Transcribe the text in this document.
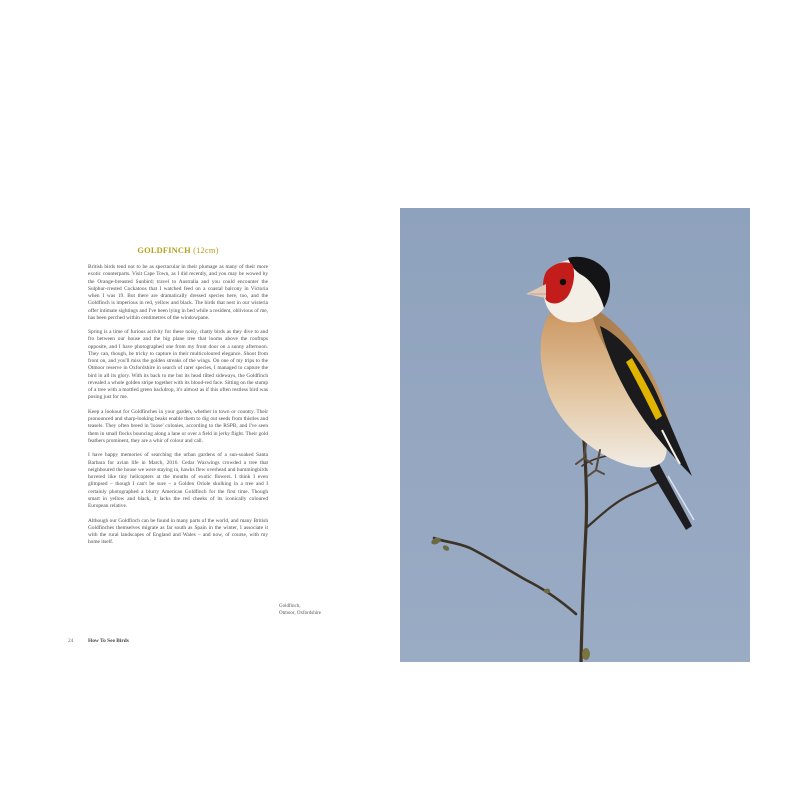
GOLDFINCH (12cm)

British birds tend not to be as spectacular in their plumage as many of their more exotic counterparts. Visit Cape Town, as I did recently, and you may be wowed by the Orange-breasted Sunbird; travel to Australia and you could encounter the Sulphur-crested Cockatoos that I watched feed on a coastal balcony in Victoria when I was 19. But there are dramatically dressed species here, too, and the Goldfinch is imperious in red, yellow and black. The birds that nest in our wisteria offer intimate sightings and I've been lying in bed while a resident, oblivious of me, has been perched within centimetres of the windowpane.

Spring is a time of furious activity for these noisy, chatty birds as they dive to and fro between our house and the big plane tree that looms above the rooftops opposite, and I have photographed one from my front door on a sunny afternoon. They can, though, be tricky to capture in their multicoloured elegance. Shoot from front on, and you'll miss the golden streaks of the wings. On one of my trips to the Otmoor reserve in Oxfordshire in search of rarer species, I managed to capture the bird in all its glory. With its back to me but its head tilted sideways, the Goldfinch revealed a whole golden stripe together with its blood-red face. Sitting on the stump of a tree with a mottled green backdrop, it's almost as if this often restless bird was posing just for me.

Keep a lookout for Goldfinches in your garden, whether in town or country. Their pronounced and sharp-looking beaks enable them to dig out seeds from thistles and teasels. They often breed in 'loose' colonies, according to the RSPB, and I've seen them in small flocks bouncing along a lane or over a field in jerky flight. Their gold feathers prominent, they are a whir of colour and call.

I have happy memories of searching the urban gardens of a sun-soaked Santa Barbara for avian life in March, 2016. Cedar Waxwings crowded a tree that neighboured the house we were staying in, hawks flew overhead and hummingbirds hovered like tiny helicopters at the mouths of exotic flowers. I think I even glimpsed – though I can't be sure – a Golden Oriole skulking in a tree and I certainly photographed a blurry American Goldfinch for the first time. Though smart in yellow and black, it lacks the red cheeks of its iconically coloured European relative.

Although our Goldfinch can be found in many parts of the world, and many British Goldfinches themselves migrate as far south as Spain in the winter, I associate it with the rural landscapes of England and Wales – and now, of course, with my home itself.

Goldfinch,
Otmoor, Oxfordshire
24	How To See Birds
